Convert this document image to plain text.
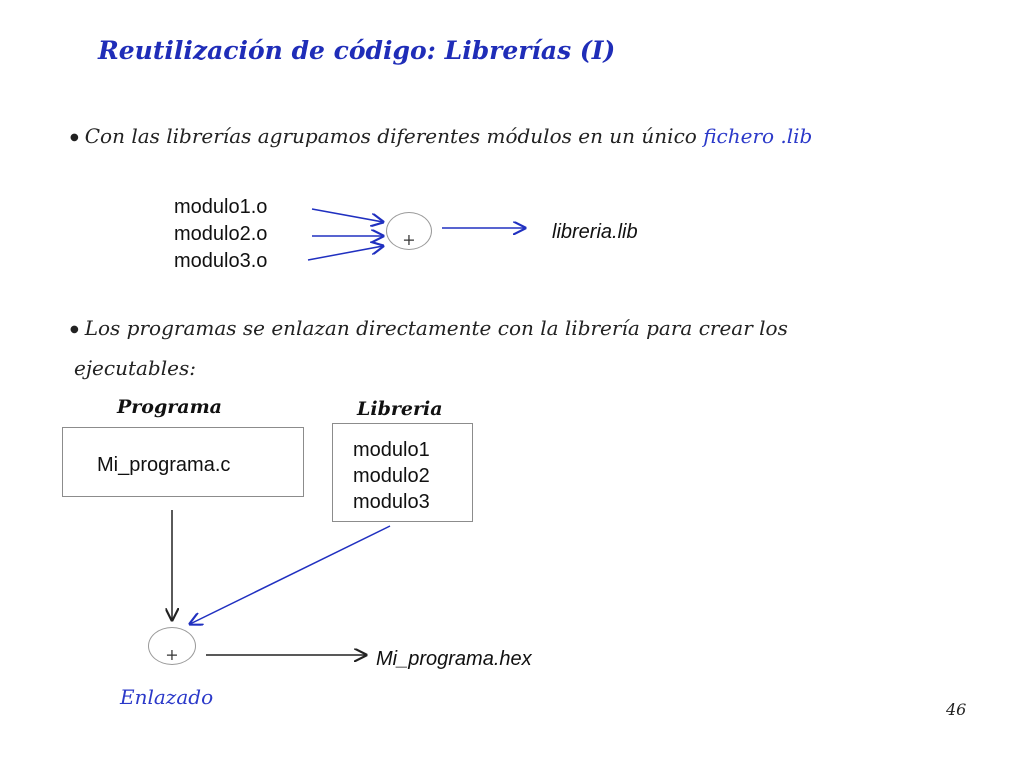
Reutilización de código: Librerías (I)
● Con las librerías agrupamos diferentes módulos en un único fichero .lib
modulo1.o
modulo2.o
modulo3.o
+	libreria.lib
● Los programas se enlazan directamente con la librería para crear los
ejecutables:
Programa	Libreria
Mi_programa.c
modulo1
modulo2
modulo3
+	Mi_programa.hex
Enlazado
46
